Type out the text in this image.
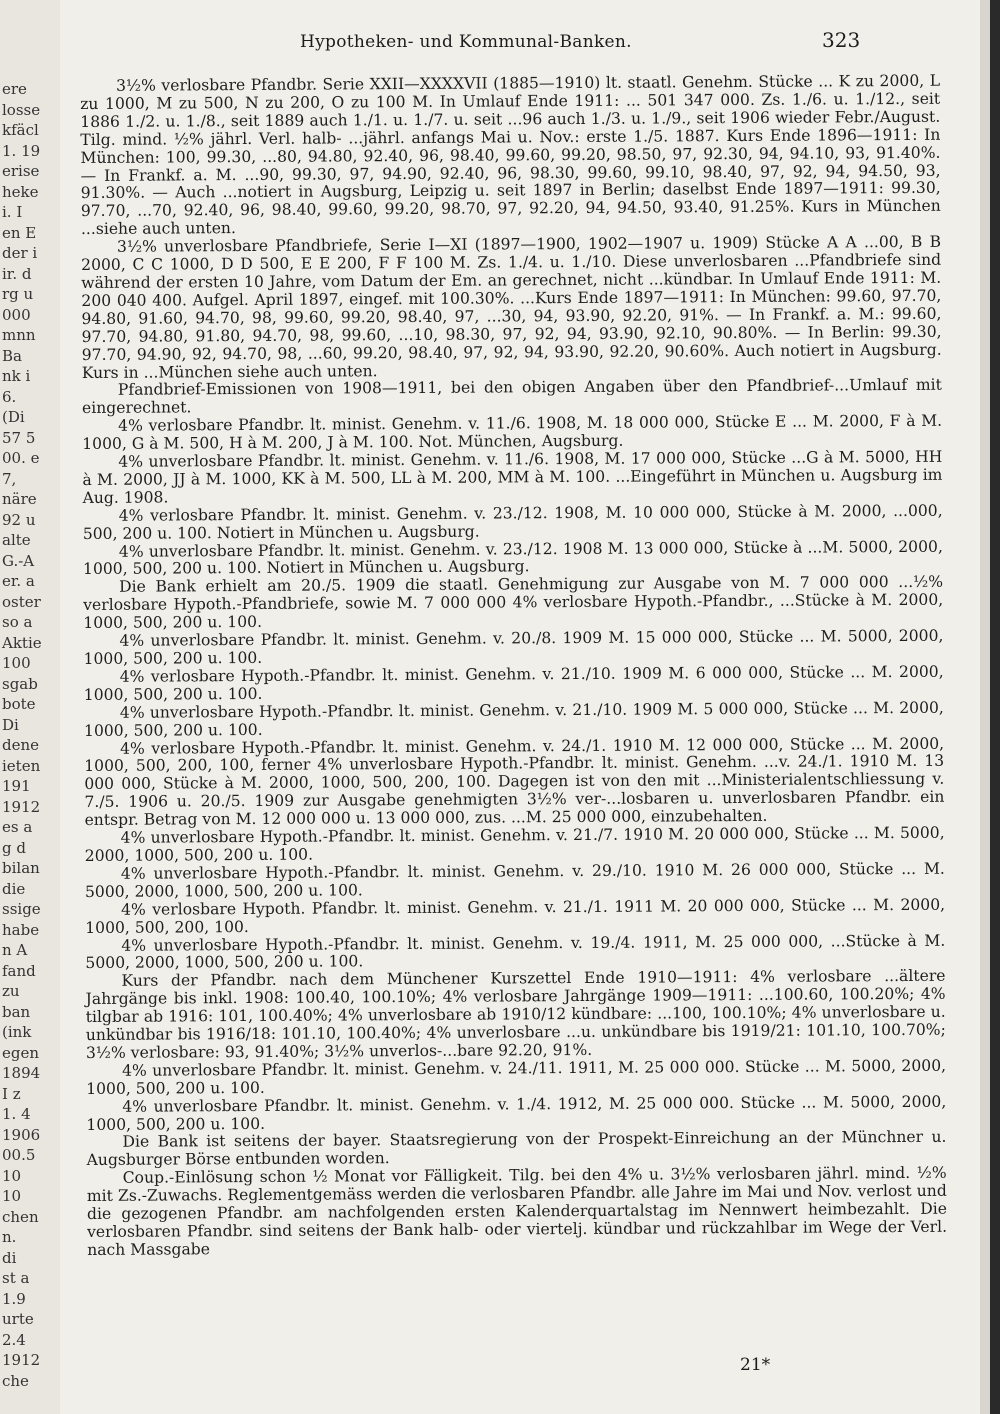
ere
losse
kfäcl
1. 19
erise
heke
i. I
en E
der i
ir. d
rg u
000
mnn
Ba
nk i
6.
(Di
57 5
00. e
7,
näre
92 u
alte
G.-A
er. a
oster
so a
Aktie
100
sgab
bote
Di
dene
ieten
191
1912
es a
g d
bilan
die
ssige
habe
n A
fand
zu
ban
(ink
egen
1894
I z
1. 4
1906
00.5
10
10
chen
n.
di
st a
1.9
urte
2.4
1912
che
Hypotheken- und Kommunal-Banken.	323

3½% verlosbare Pfandbr. Serie XXII—XXXXVII (1885—1910) lt. staatl. Genehm. Stücke ... K zu 2000, L zu 1000, M zu 500, N zu 200, O zu 100 M. In Umlauf Ende 1911: ... 501 347 000. Zs. 1./6. u. 1./12., seit 1886 1./2. u. 1./8., seit 1889 auch 1./1. u. 1./7. u. seit ...96 auch 1./3. u. 1./9., seit 1906 wieder Febr./August. Tilg. mind. ½% jährl. Verl. halb- ...jährl. anfangs Mai u. Nov.: erste 1./5. 1887. Kurs Ende 1896—1911: In München: 100, 99.30, ...80, 94.80, 92.40, 96, 98.40, 99.60, 99.20, 98.50, 97, 92.30, 94, 94.10, 93, 91.40%. — In Frankf. a. M. ...90, 99.30, 97, 94.90, 92.40, 96, 98.30, 99.60, 99.10, 98.40, 97, 92, 94, 94.50, 93, 91.30%. — Auch ...notiert in Augsburg, Leipzig u. seit 1897 in Berlin; daselbst Ende 1897—1911: 99.30, 97.70, ...70, 92.40, 96, 98.40, 99.60, 99.20, 98.70, 97, 92.20, 94, 94.50, 93.40, 91.25%. Kurs in München ...siehe auch unten.

3½% unverlosbare Pfandbriefe, Serie I—XI (1897—1900, 1902—1907 u. 1909) Stücke A A ...00, B B 2000, C C 1000, D D 500, E E 200, F F 100 M. Zs. 1./4. u. 1./10. Diese unverlosbaren ...Pfandbriefe sind während der ersten 10 Jahre, vom Datum der Em. an gerechnet, nicht ...kündbar. In Umlauf Ende 1911: M. 200 040 400. Aufgel. April 1897, eingef. mit 100.30%. ...Kurs Ende 1897—1911: In München: 99.60, 97.70, 94.80, 91.60, 94.70, 98, 99.60, 99.20, 98.40, 97, ...30, 94, 93.90, 92.20, 91%. — In Frankf. a. M.: 99.60, 97.70, 94.80, 91.80, 94.70, 98, 99.60, ...10, 98.30, 97, 92, 94, 93.90, 92.10, 90.80%. — In Berlin: 99.30, 97.70, 94.90, 92, 94.70, 98, ...60, 99.20, 98.40, 97, 92, 94, 93.90, 92.20, 90.60%. Auch notiert in Augsburg. Kurs in ...München siehe auch unten.

Pfandbrief-Emissionen von 1908—1911, bei den obigen Angaben über den Pfandbrief-...Umlauf mit eingerechnet.

4% verlosbare Pfandbr. lt. minist. Genehm. v. 11./6. 1908, M. 18 000 000, Stücke E ... M. 2000, F à M. 1000, G à M. 500, H à M. 200, J à M. 100. Not. München, Augsburg.

4% unverlosbare Pfandbr. lt. minist. Genehm. v. 11./6. 1908, M. 17 000 000, Stücke ...G à M. 5000, HH à M. 2000, JJ à M. 1000, KK à M. 500, LL à M. 200, MM à M. 100. ...Eingeführt in München u. Augsburg im Aug. 1908.

4% verlosbare Pfandbr. lt. minist. Genehm. v. 23./12. 1908, M. 10 000 000, Stücke à M. 2000, ...000, 500, 200 u. 100. Notiert in München u. Augsburg.

4% unverlosbare Pfandbr. lt. minist. Genehm. v. 23./12. 1908 M. 13 000 000, Stücke à ...M. 5000, 2000, 1000, 500, 200 u. 100. Notiert in München u. Augsburg.

Die Bank erhielt am 20./5. 1909 die staatl. Genehmigung zur Ausgabe von M. 7 000 000 ...½% verlosbare Hypoth.-Pfandbriefe, sowie M. 7 000 000 4% verlosbare Hypoth.-Pfandbr., ...Stücke à M. 2000, 1000, 500, 200 u. 100.

4% unverlosbare Pfandbr. lt. minist. Genehm. v. 20./8. 1909 M. 15 000 000, Stücke ... M. 5000, 2000, 1000, 500, 200 u. 100.

4% verlosbare Hypoth.-Pfandbr. lt. minist. Genehm. v. 21./10. 1909 M. 6 000 000, Stücke ... M. 2000, 1000, 500, 200 u. 100.

4% unverlosbare Hypoth.-Pfandbr. lt. minist. Genehm. v. 21./10. 1909 M. 5 000 000, Stücke ... M. 2000, 1000, 500, 200 u. 100.

4% verlosbare Hypoth.-Pfandbr. lt. minist. Genehm. v. 24./1. 1910 M. 12 000 000, Stücke ... M. 2000, 1000, 500, 200, 100, ferner 4% unverlosbare Hypoth.-Pfandbr. lt. minist. Genehm. ...v. 24./1. 1910 M. 13 000 000, Stücke à M. 2000, 1000, 500, 200, 100. Dagegen ist von den mit ...Ministerialentschliessung v. 7./5. 1906 u. 20./5. 1909 zur Ausgabe genehmigten 3½% ver-...losbaren u. unverlosbaren Pfandbr. ein entspr. Betrag von M. 12 000 000 u. 13 000 000, zus. ...M. 25 000 000, einzubehalten.

4% unverlosbare Hypoth.-Pfandbr. lt. minist. Genehm. v. 21./7. 1910 M. 20 000 000, Stücke ... M. 5000, 2000, 1000, 500, 200 u. 100.

4% unverlosbare Hypoth.-Pfandbr. lt. minist. Genehm. v. 29./10. 1910 M. 26 000 000, Stücke ... M. 5000, 2000, 1000, 500, 200 u. 100.

4% verlosbare Hypoth. Pfandbr. lt. minist. Genehm. v. 21./1. 1911 M. 20 000 000, Stücke ... M. 2000, 1000, 500, 200, 100.

4% unverlosbare Hypoth.-Pfandbr. lt. minist. Genehm. v. 19./4. 1911, M. 25 000 000, ...Stücke à M. 5000, 2000, 1000, 500, 200 u. 100.

Kurs der Pfandbr. nach dem Münchener Kurszettel Ende 1910—1911: 4% verlosbare ...ältere Jahrgänge bis inkl. 1908: 100.40, 100.10%; 4% verlosbare Jahrgänge 1909—1911: ...100.60, 100.20%; 4% tilgbar ab 1916: 101, 100.40%; 4% unverlosbare ab 1910/12 kündbare: ...100, 100.10%; 4% unverlosbare u. unkündbar bis 1916/18: 101.10, 100.40%; 4% unverlosbare ...u. unkündbare bis 1919/21: 101.10, 100.70%; 3½% verlosbare: 93, 91.40%; 3½% unverlos-...bare 92.20, 91%.

4% unverlosbare Pfandbr. lt. minist. Genehm. v. 24./11. 1911, M. 25 000 000. Stücke ... M. 5000, 2000, 1000, 500, 200 u. 100.

4% unverlosbare Pfandbr. lt. minist. Genehm. v. 1./4. 1912, M. 25 000 000. Stücke ... M. 5000, 2000, 1000, 500, 200 u. 100.

Die Bank ist seitens der bayer. Staatsregierung von der Prospekt-Einreichung an der Münchner u. Augsburger Börse entbunden worden.

Coup.-Einlösung schon ½ Monat vor Fälligkeit. Tilg. bei den 4% u. 3½% verlosbaren jährl. mind. ½% mit Zs.-Zuwachs. Reglementgemäss werden die verlosbaren Pfandbr. alle Jahre im Mai und Nov. verlost und die gezogenen Pfandbr. am nachfolgenden ersten Kalenderquartalstag im Nennwert heimbezahlt. Die verlosbaren Pfandbr. sind seitens der Bank halb- oder viertelj. kündbar und rückzahlbar im Wege der Verl. nach Massgabe

21*
